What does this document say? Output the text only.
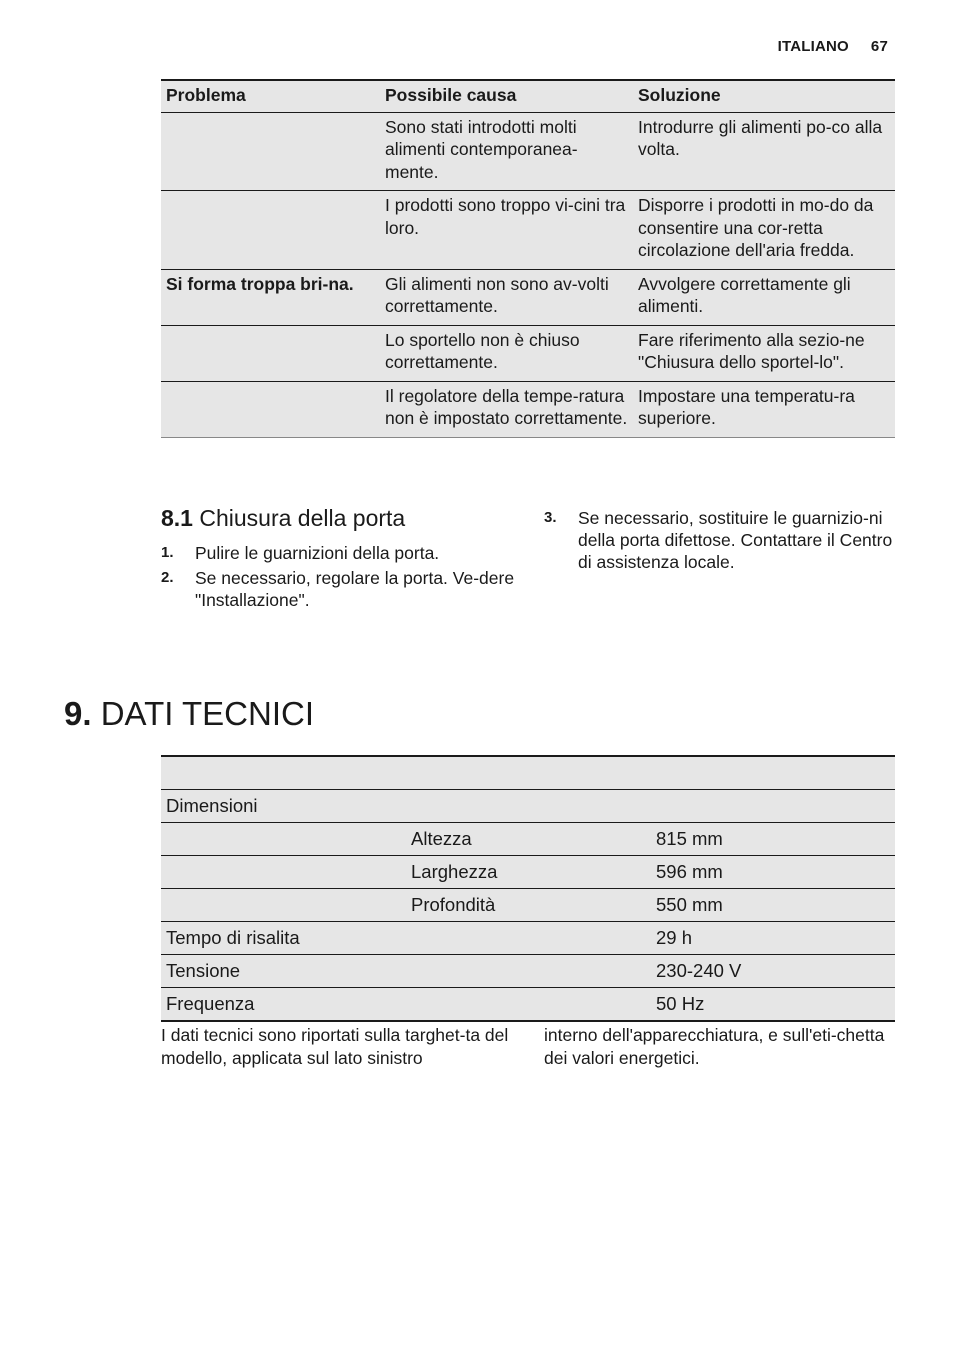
ITALIANO 67
Problema	Possibile causa	Soluzione
	Sono stati introdotti molti alimenti contemporanea-mente.	Introdurre gli alimenti po-co alla volta.
	I prodotti sono troppo vi-cini tra loro.	Disporre i prodotti in mo-do da consentire una cor-retta circolazione dell'aria fredda.
Si forma troppa bri-na.	Gli alimenti non sono av-volti correttamente.	Avvolgere correttamente gli alimenti.
	Lo sportello non è chiuso correttamente.	Fare riferimento alla sezio-ne "Chiusura dello sportel-lo".
	Il regolatore della tempe-ratura non è impostato correttamente.	Impostare una temperatu-ra superiore.
8.1 Chiusura della porta
1. Pulire le guarnizioni della porta.
2. Se necessario, regolare la porta. Ve-dere "Installazione".
3. Se necessario, sostituire le guarnizio-ni della porta difettose. Contattare il Centro di assistenza locale.
9. DATI TECNICI

Dimensioni		
	Altezza	815 mm
	Larghezza	596 mm
	Profondità	550 mm
Tempo di risalita		29 h
Tensione		230-240 V
Frequenza		50 Hz
I dati tecnici sono riportati sulla targhet-ta del modello, applicata sul lato sinistro
interno dell'apparecchiatura, e sull'eti-chetta dei valori energetici.
